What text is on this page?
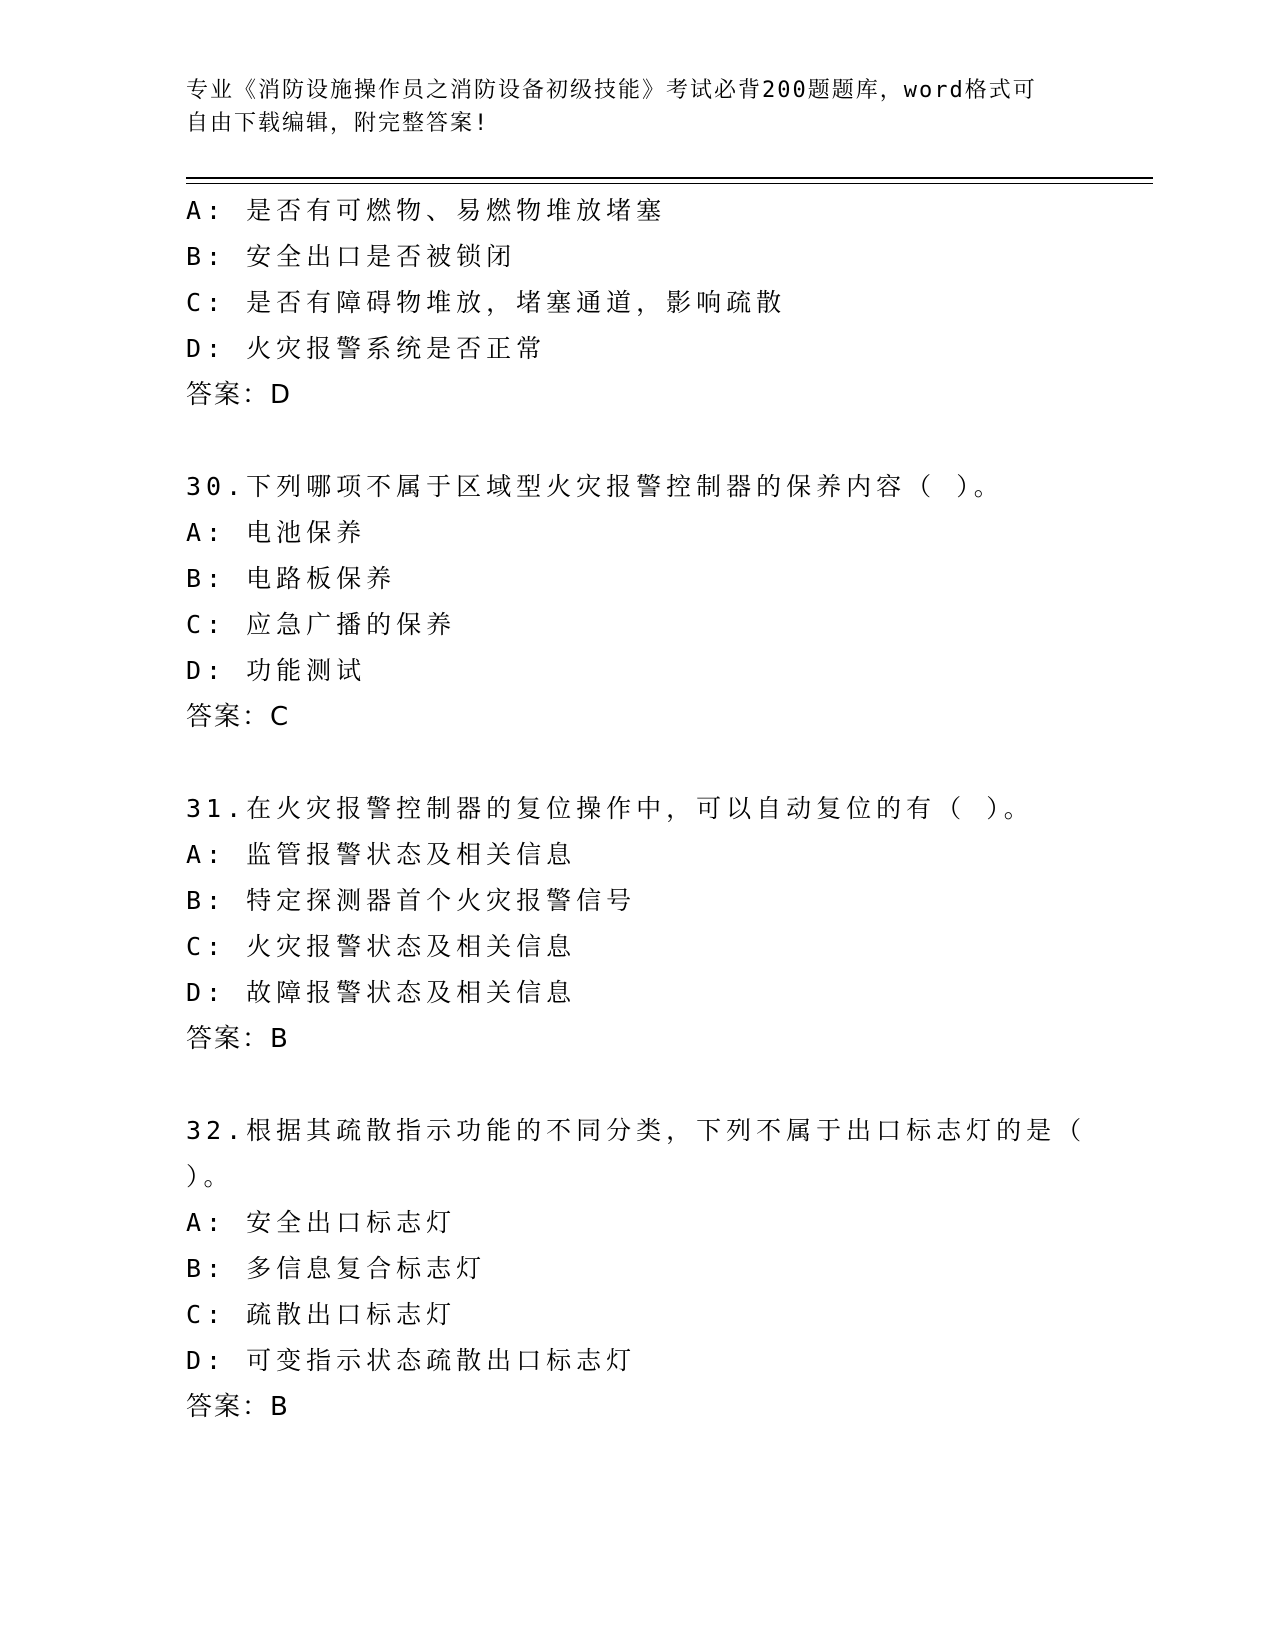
专业《消防设施操作员之消防设备初级技能》考试必背200题题库，word格式可
自由下载编辑，附完整答案!
A: 是否有可燃物、易燃物堆放堵塞
B: 安全出口是否被锁闭
C: 是否有障碍物堆放，堵塞通道，影响疏散
D: 火灾报警系统是否正常
答案：D
30.下列哪项不属于区域型火灾报警控制器的保养内容（ ）。
A: 电池保养
B: 电路板保养
C: 应急广播的保养
D: 功能测试
答案：C
31.在火灾报警控制器的复位操作中，可以自动复位的有（ ）。
A: 监管报警状态及相关信息
B: 特定探测器首个火灾报警信号
C: 火灾报警状态及相关信息
D: 故障报警状态及相关信息
答案：B
32.根据其疏散指示功能的不同分类，下列不属于出口标志灯的是（
）。
A: 安全出口标志灯
B: 多信息复合标志灯
C: 疏散出口标志灯
D: 可变指示状态疏散出口标志灯
答案：B
